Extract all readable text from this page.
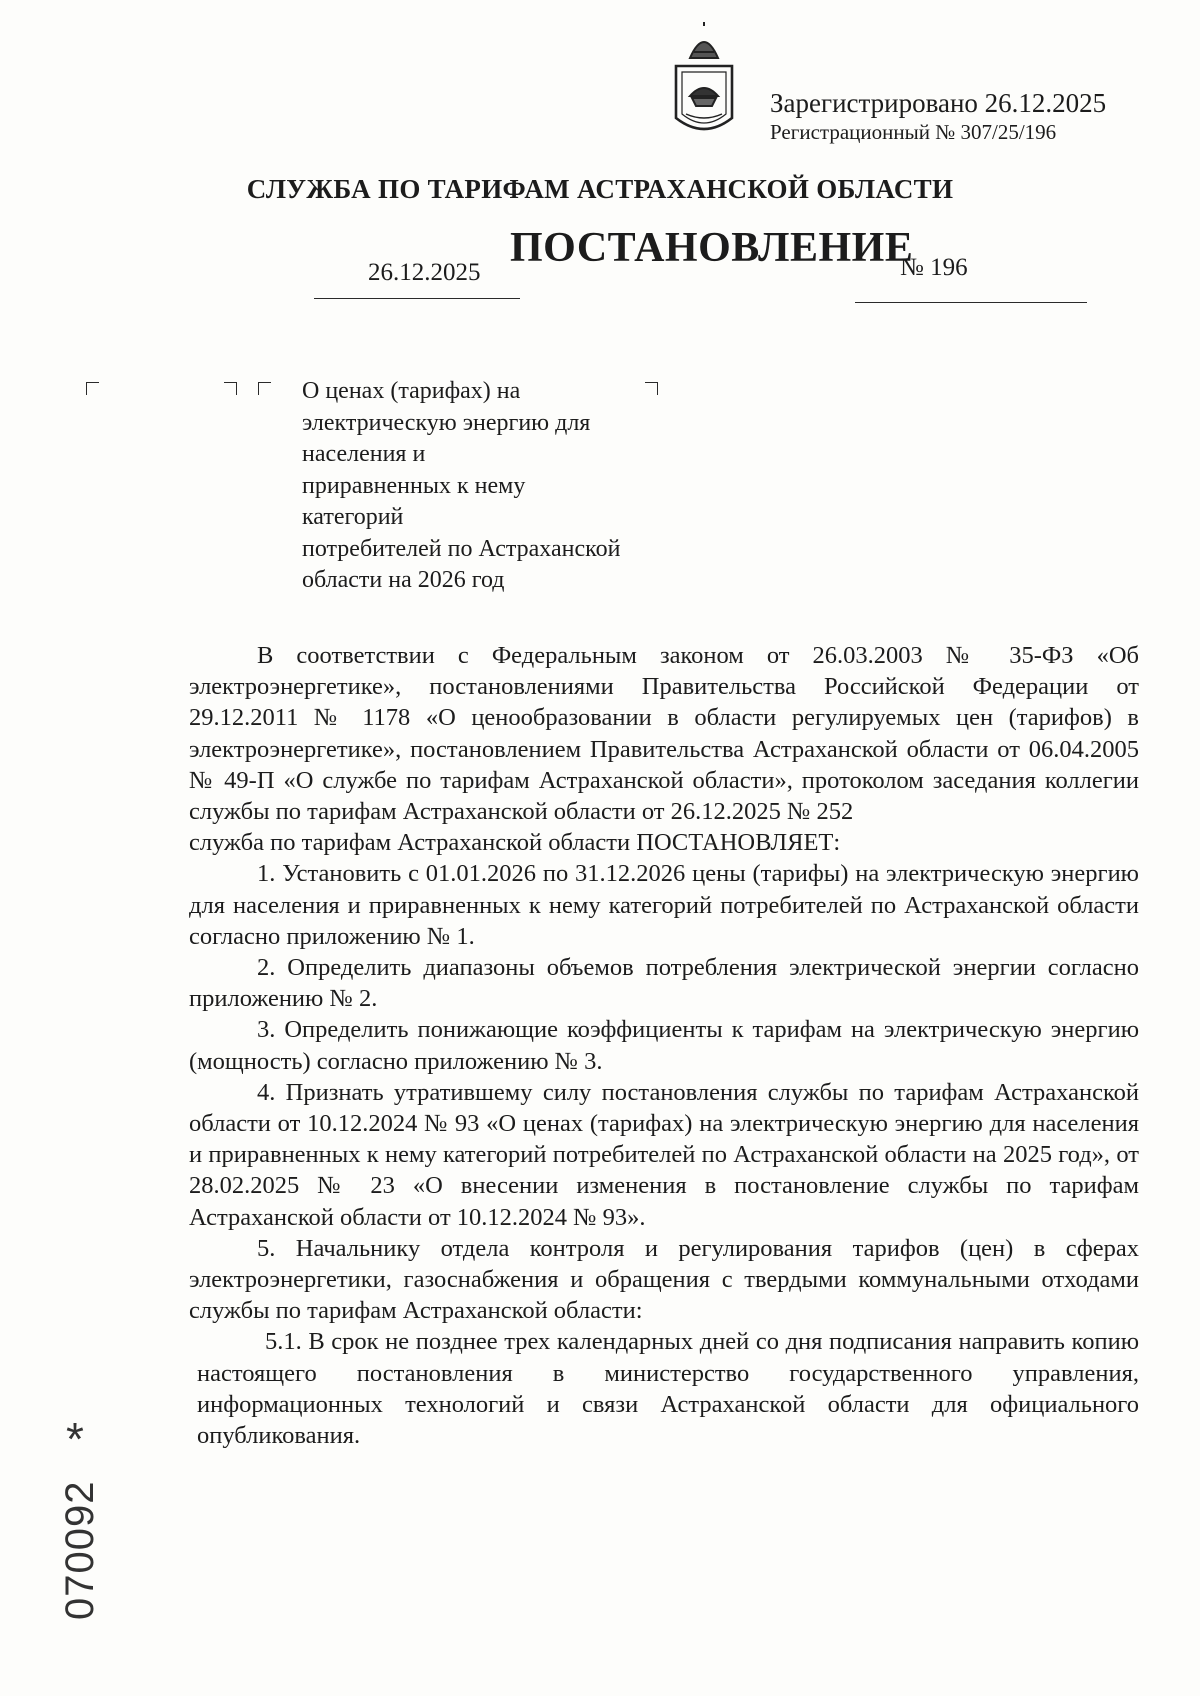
Зарегистрировано 26.12.2025
Регистрационный № 307/25/196
СЛУЖБА ПО ТАРИФАМ АСТРАХАНСКОЙ ОБЛАСТИ
ПОСТАНОВЛЕНИЕ
26.12.2025	№ 196
О ценах (тарифах) на
электрическую энергию для
населения и
приравненных к нему
категорий
потребителей по Астраханской
области на 2026 год

В соответствии с Федеральным законом от 26.03.2003 № 35-ФЗ «Об электроэнергетике», постановлениями Правительства Российской Федерации от 29.12.2011 № 1178 «О ценообразовании в области регулируемых цен (тарифов) в электроэнергетике», постановлением Правительства Астраханской области от 06.04.2005 № 49-П «О службе по тарифам Астраханской области», протоколом заседания коллегии службы по тарифам Астраханской области от 26.12.2025 № 252

служба по тарифам Астраханской области ПОСТАНОВЛЯЕТ:

1. Установить с 01.01.2026 по 31.12.2026 цены (тарифы) на электрическую энергию для населения и приравненных к нему категорий потребителей по Астраханской области согласно приложению № 1.

2. Определить диапазоны объемов потребления электрической энергии согласно приложению № 2.

3. Определить понижающие коэффициенты к тарифам на электрическую энергию (мощность) согласно приложению № 3.

4. Признать утратившему силу постановления службы по тарифам Астраханской области от 10.12.2024 № 93 «О ценах (тарифах) на электрическую энергию для населения и приравненных к нему категорий потребителей по Астраханской области на 2025 год», от 28.02.2025 № 23 «О внесении изменения в постановление службы по тарифам Астраханской области от 10.12.2024 № 93».

5. Начальнику отдела контроля и регулирования тарифов (цен) в сферах электроэнергетики, газоснабжения и обращения с твердыми коммунальными отходами службы по тарифам Астраханской области:

5.1. В срок не позднее трех календарных дней со дня подписания направить копию настоящего постановления в министерство государственного управления, информационных технологий и связи Астраханской области для официального опубликования.

*
070092
